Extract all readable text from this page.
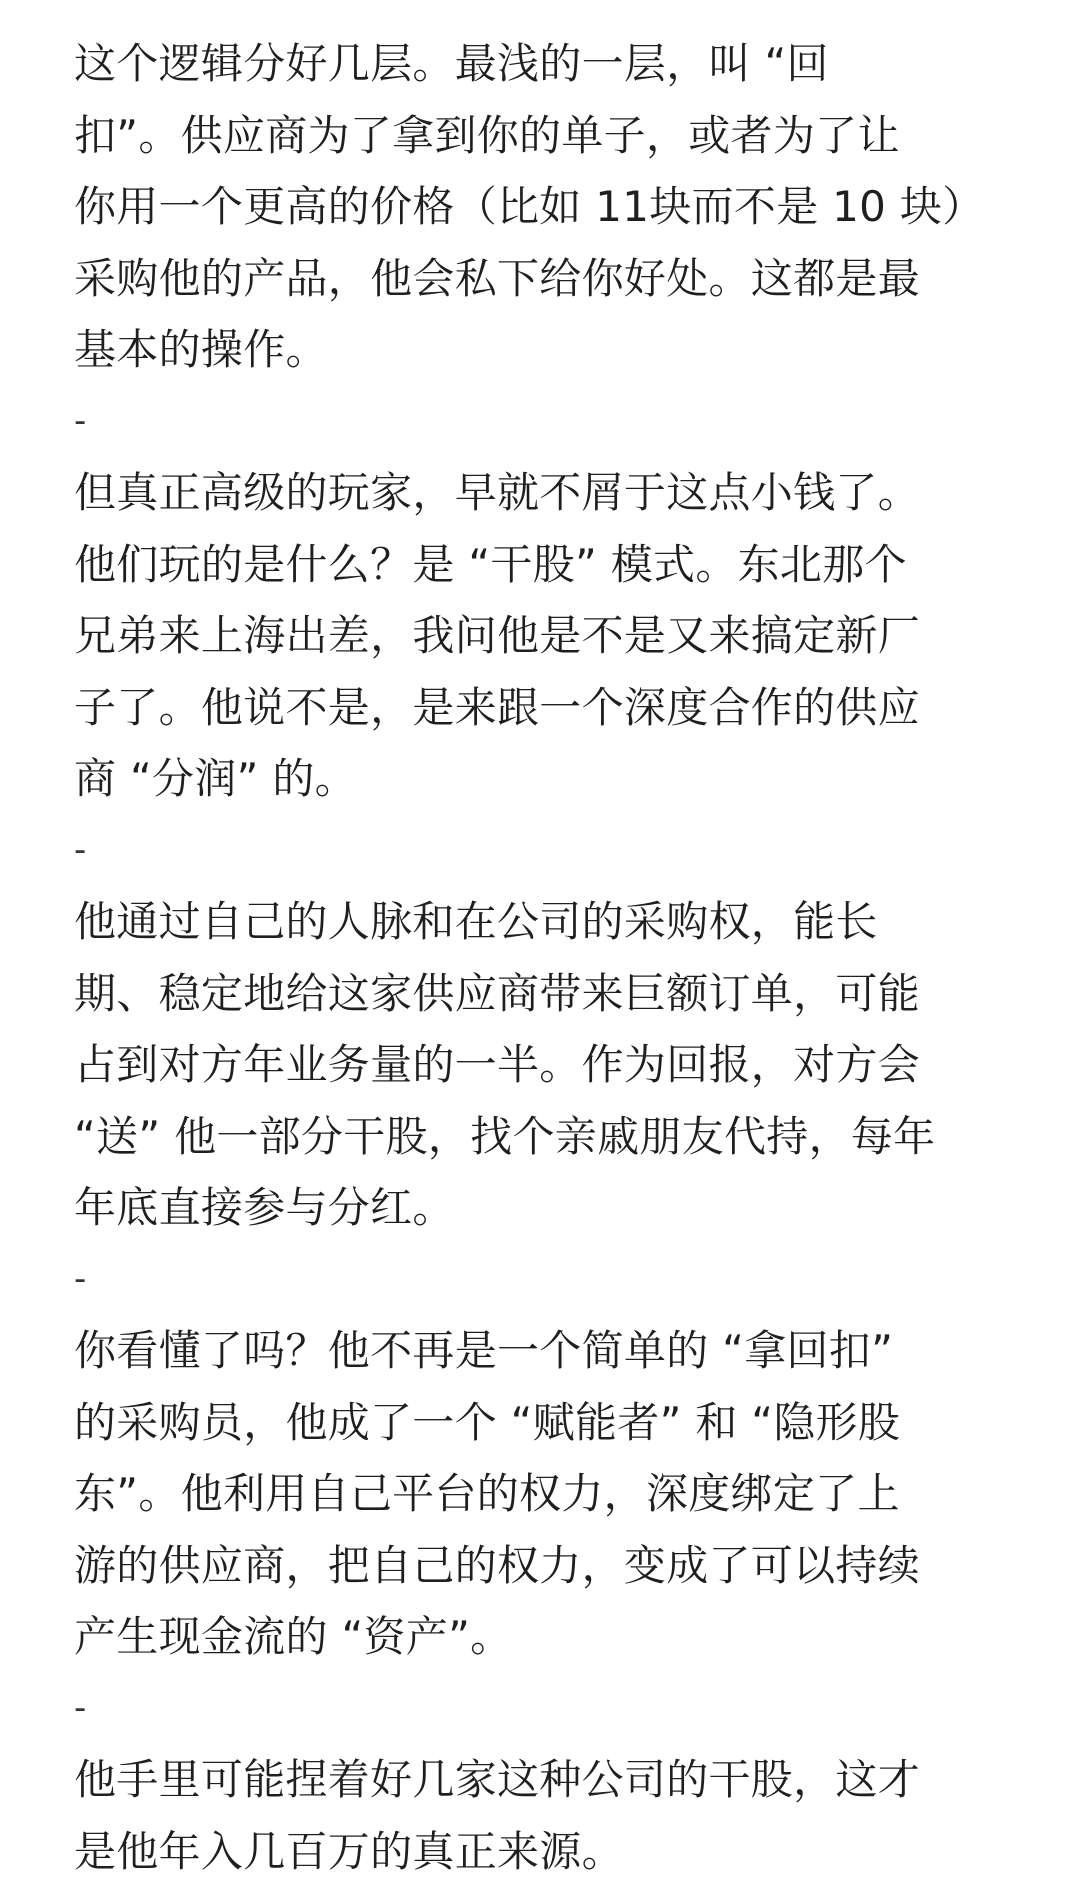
这个逻辑分好几层。最浅的一层，叫 “回
扣”。供应商为了拿到你的单子，或者为了让
你用一个更高的价格（比如 11块而不是 10 块）
采购他的产品，他会私下给你好处。这都是最
基本的操作。
-
但真正高级的玩家，早就不屑于这点小钱了。
他们玩的是什么？是 “干股” 模式。东北那个
兄弟来上海出差，我问他是不是又来搞定新厂
子了。他说不是，是来跟一个深度合作的供应
商 “分润” 的。
-
他通过自己的人脉和在公司的采购权，能长
期、稳定地给这家供应商带来巨额订单，可能
占到对方年业务量的一半。作为回报，对方会
“送” 他一部分干股，找个亲戚朋友代持，每年
年底直接参与分红。
-
你看懂了吗？他不再是一个简单的 “拿回扣”
的采购员，他成了一个 “赋能者” 和 “隐形股
东”。他利用自己平台的权力，深度绑定了上
游的供应商，把自己的权力，变成了可以持续
产生现金流的 “资产”。
-
他手里可能捏着好几家这种公司的干股，这才
是他年入几百万的真正来源。
